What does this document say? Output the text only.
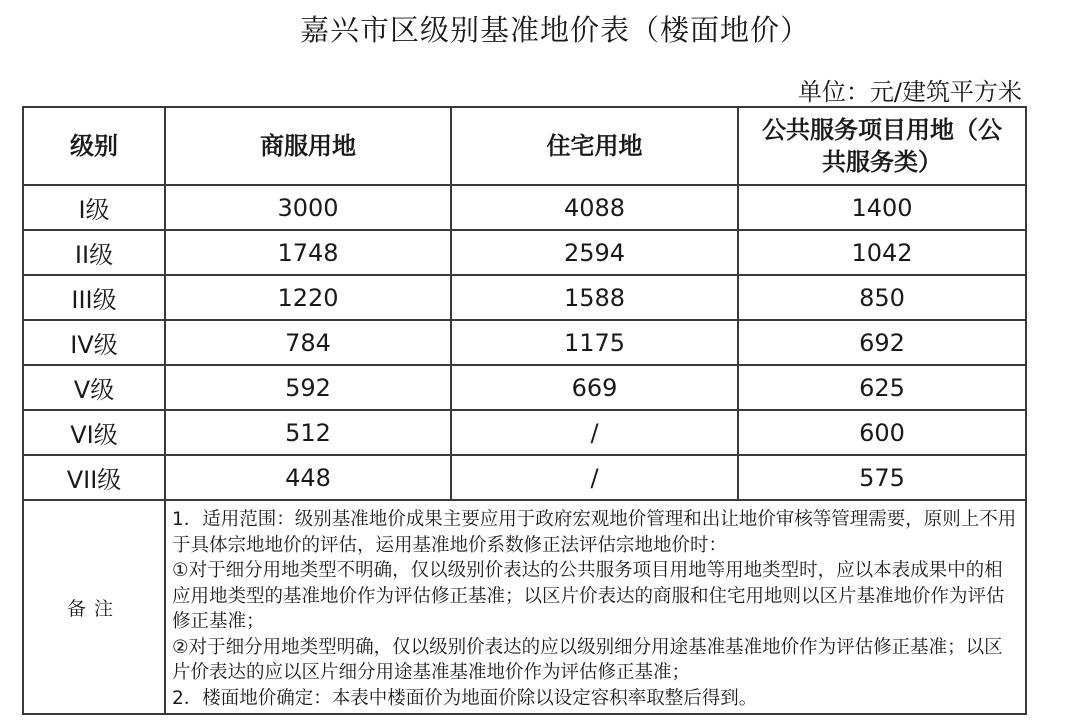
嘉兴市区级别基准地价表（楼面地价）
单位：元/建筑平方米
级别	商服用地	住宅用地	公共服务项目用地（公
共服务类）
I级	3000	4088	1400
II级	1748	2594	1042
III级	1220	1588	850
IV级	784	1175	692
V级	592	669	625
VI级	512	/	600
VII级	448	/	575
备注	1．适用范围：级别基准地价成果主要应用于政府宏观地价管理和出让地价审核等管理需要，原则上不用于具体宗地地价的评估，运用基准地价系数修正法评估宗地地价时：

①对于细分用地类型不明确，仅以级别价表达的公共服务项目用地等用地类型时，应以本表成果中的相应用地类型的基准地价作为评估修正基准；以区片价表达的商服和住宅用地则以区片基准地价作为评估修正基准；

②对于细分用地类型明确，仅以级别价表达的应以级别细分用途基准基准地价作为评估修正基准；以区片价表达的应以区片细分用途基准基准地价作为评估修正基准；

2．楼面地价确定：本表中楼面价为地面价除以设定容积率取整后得到。		
